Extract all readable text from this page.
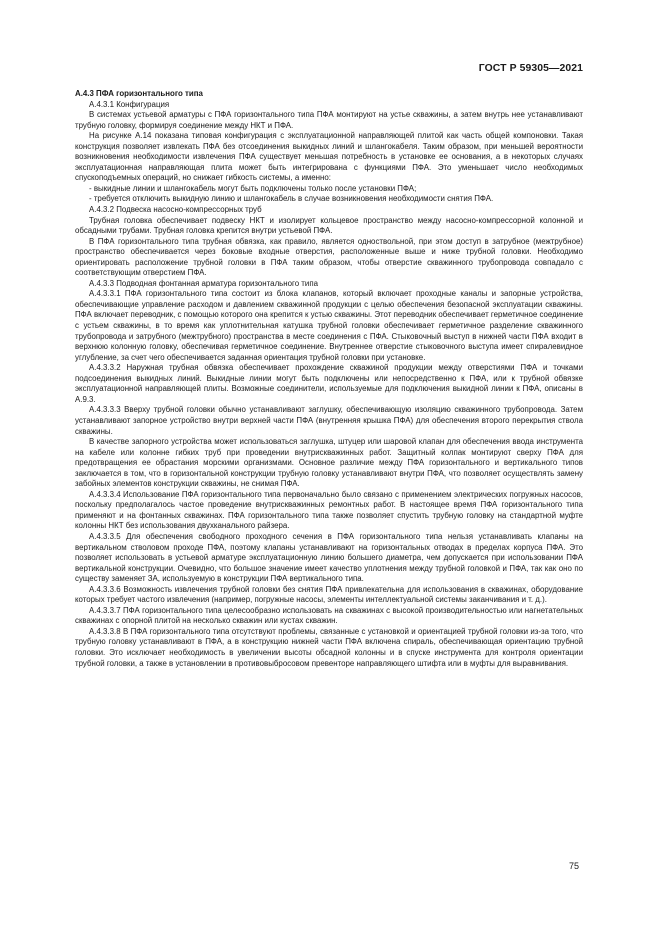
ГОСТ Р 59305—2021

А.4.3 ПФА горизонтального типа

А.4.3.1 Конфигурация

В системах устьевой арматуры с ПФА горизонтального типа ПФА монтируют на устье скважины, а затем внутрь нее устанавливают трубную головку, формируя соединение между НКТ и ПФА.

На рисунке А.14 показана типовая конфигурация с эксплуатационной направляющей плитой как часть общей компоновки. Такая конструкция позволяет извлекать ПФА без отсоединения выкидных линий и шлангокабеля. Таким образом, при меньшей вероятности возникновения необходимости извлечения ПФА существует меньшая потребность в установке ее основания, а в некоторых случаях эксплуатационная направляющая плита может быть интегрирована с функциями ПФА. Это уменьшает число необходимых спускоподъемных операций, но снижает гибкость системы, а именно:

- выкидные линии и шлангокабель могут быть подключены только после установки ПФА;

- требуется отключить выкидную линию и шлангокабель в случае возникновения необходимости снятия ПФА.

А.4.3.2 Подвеска насосно-компрессорных труб

Трубная головка обеспечивает подвеску НКТ и изолирует кольцевое пространство между насосно-компрессорной колонной и обсадными трубами. Трубная головка крепится внутри устьевой ПФА.

В ПФА горизонтального типа трубная обвязка, как правило, является одноствольной, при этом доступ в затрубное (межтрубное) пространство обеспечивается через боковые входные отверстия, расположенные выше и ниже трубной головки. Необходимо ориентировать расположение трубной головки в ПФА таким образом, чтобы отверстие скважинного трубопровода совпадало с соответствующим отверстием ПФА.

А.4.3.3 Подводная фонтанная арматура горизонтального типа

А.4.3.3.1 ПФА горизонтального типа состоит из блока клапанов, который включает проходные каналы и запорные устройства, обеспечивающие управление расходом и давлением скважинной продукции с целью обеспечения безопасной эксплуатации скважины. ПФА включает переводник, с помощью которого она крепится к устью скважины. Этот переводник обеспечивает герметичное соединение с устьем скважины, в то время как уплотнительная катушка трубной головки обеспечивает герметичное разделение скважинного трубопровода и затрубного (межтрубного) пространства в месте соединения с ПФА. Стыковочный выступ в нижней части ПФА входит в верхнюю колонную головку, обеспечивая герметичное соединение. Внутреннее отверстие стыковочного выступа имеет спиралевидное углубление, за счет чего обеспечивается заданная ориентация трубной головки при установке.

А.4.3.3.2 Наружная трубная обвязка обеспечивает прохождение скважиной продукции между отверстиями ПФА и точками подсоединения выкидных линий. Выкидные линии могут быть подключены или непосредственно к ПФА, или к трубной обвязке эксплуатационной направляющей плиты. Возможные соединители, используемые для подключения выкидной линии к ПФА, описаны в А.9.3.

А.4.3.3.3 Вверху трубной головки обычно устанавливают заглушку, обеспечивающую изоляцию скважинного трубопровода. Затем устанавливают запорное устройство внутри верхней части ПФА (внутренняя крышка ПФА) для обеспечения второго перекрытия ствола скважины.

В качестве запорного устройства может использоваться заглушка, штуцер или шаровой клапан для обеспечения ввода инструмента на кабеле или колонне гибких труб при проведении внутрискважинных работ. Защитный колпак монтируют сверху ПФА для предотвращения ее обрастания морскими организмами. Основное различие между ПФА горизонтального и вертикального типов заключается в том, что в горизонтальной конструкции трубную головку устанавливают внутри ПФА, что позволяет осуществлять замену забойных элементов конструкции скважины, не снимая ПФА.

А.4.3.3.4 Использование ПФА горизонтального типа первоначально было связано с применением электрических погружных насосов, поскольку предполагалось частое проведение внутрискважинных ремонтных работ. В настоящее время ПФА горизонтального типа применяют и на фонтанных скважинах. ПФА горизонтального типа также позволяет спустить трубную головку на стандартной муфте колонны НКТ без использования двухканального райзера.

А.4.3.3.5 Для обеспечения свободного проходного сечения в ПФА горизонтального типа нельзя устанавливать клапаны на вертикальном стволовом проходе ПФА, поэтому клапаны устанавливают на горизонтальных отводах в пределах корпуса ПФА. Это позволяет использовать в устьевой арматуре эксплуатационную линию большего диаметра, чем допускается при использовании ПФА вертикальной конструкции. Очевидно, что большое значение имеет качество уплотнения между трубной головкой и ПФА, так как оно по существу заменяет ЗА, используемую в конструкции ПФА вертикального типа.

А.4.3.3.6 Возможность извлечения трубной головки без снятия ПФА привлекательна для использования в скважинах, оборудование которых требует частого извлечения (например, погружные насосы, элементы интеллектуальной системы заканчивания и т. д.).

А.4.3.3.7 ПФА горизонтального типа целесообразно использовать на скважинах с высокой производительностью или нагнетательных скважинах с опорной плитой на несколько скважин или кустах скважин.

А.4.3.3.8 В ПФА горизонтального типа отсутствуют проблемы, связанные с установкой и ориентацией трубной головки из-за того, что трубную головку устанавливают в ПФА, а в конструкцию нижней части ПФА включена спираль, обеспечивающая ориентацию трубной головки. Это исключает необходимость в увеличении высоты обсадной колонны и в спуске инструмента для контроля ориентации трубной головки, а также в установлении в противовыбросовом превенторе направляющего штифта или в муфты для выравнивания.

75
